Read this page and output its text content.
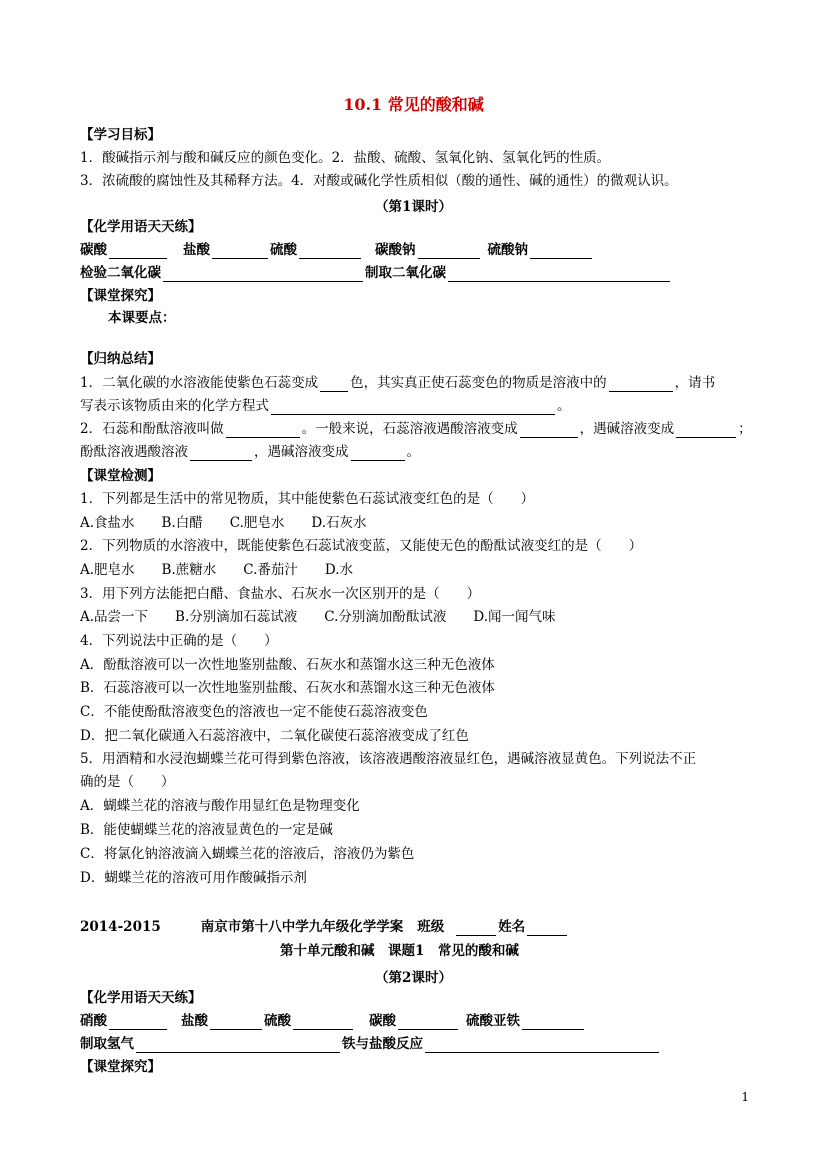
10.1 常见的酸和碱
【学习目标】
1．酸碱指示剂与酸和碱反应的颜色变化。2．盐酸、硫酸、氢氧化钠、氢氧化钙的性质。
3．浓硫酸的腐蚀性及其稀释方法。4．对酸或碱化学性质相似（酸的通性、碱的通性）的微观认识。
（第1课时）
【化学用语天天练】
碳酸	盐酸	硫酸	碳酸钠	硫酸钠
检验二氧化碳	制取二氧化碳
【课堂探究】
本课要点：
【归纳总结】
1．二氧化碳的水溶液能使紫色石蕊变成 色，其实真正使石蕊变色的物质是溶液中的	，请书
写表示该物质由来的化学方程式	。
2．石蕊和酚酞溶液叫做	。一般来说，石蕊溶液遇酸溶液变成	，遇碱溶液变成	；
酚酞溶液遇酸溶液	，遇碱溶液变成	。
【课堂检测】
1．下列都是生活中的常见物质，其中能使紫色石蕊试液变红色的是（　　）
A.食盐水　　B.白醋　　C.肥皂水　　D.石灰水
2．下列物质的水溶液中，既能使紫色石蕊试液变蓝，又能使无色的酚酞试液变红的是（　　）
A.肥皂水　　B.蔗糖水　　C.番茄汁　　D.水
3．用下列方法能把白醋、食盐水、石灰水一次区别开的是（　　）
A.品尝一下　　B.分别滴加石蕊试液　　C.分别滴加酚酞试液　　D.闻一闻气味
4．下列说法中正确的是（　　）
A．酚酞溶液可以一次性地鉴别盐酸、石灰水和蒸馏水这三种无色液体
B．石蕊溶液可以一次性地鉴别盐酸、石灰水和蒸馏水这三种无色液体
C．不能使酚酞溶液变色的溶液也一定不能使石蕊溶液变色
D．把二氧化碳通入石蕊溶液中，二氧化碳使石蕊溶液变成了红色
5．用酒精和水浸泡蝴蝶兰花可得到紫色溶液，该溶液遇酸溶液显红色，遇碱溶液显黄色。下列说法不正
确的是（　　）
A．蝴蝶兰花的溶液与酸作用显红色是物理变化
B．能使蝴蝶兰花的溶液显黄色的一定是碱
C．将氯化钠溶液滴入蝴蝶兰花的溶液后，溶液仍为紫色
D．蝴蝶兰花的溶液可用作酸碱指示剂
2014-2015	南京市第十八中学九年级化学学案 班级	姓名
第十单元酸和碱　课题1　常见的酸和碱
（第2课时）
【化学用语天天练】
硝酸	盐酸	硫酸	碳酸	硫酸亚铁
制取氢气	铁与盐酸反应
【课堂探究】
1
